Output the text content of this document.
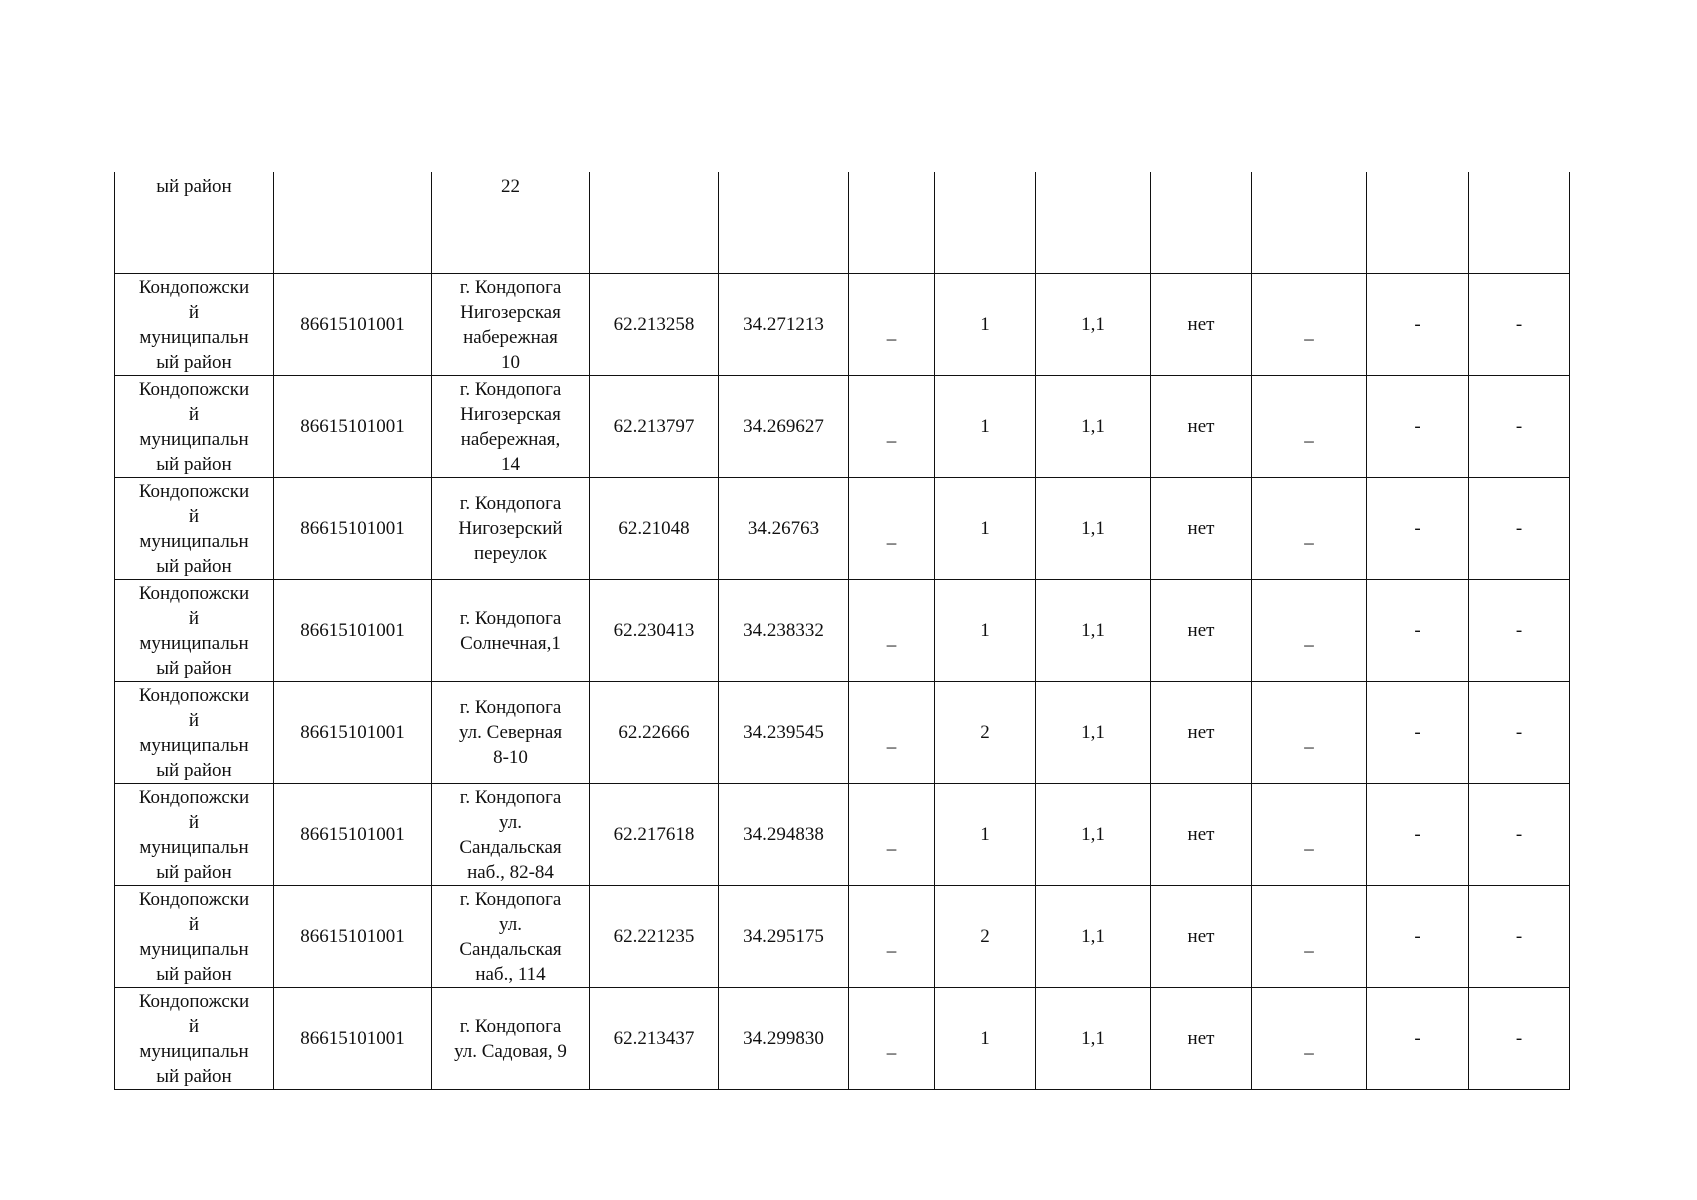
ый район		22									
Кондопожски
й
муниципальн
ый район	86615101001	г. Кондопога
Нигозерская
набережная
10	62.213258	34.271213	_	1	1,1	нет	_	-	-
Кондопожски
й
муниципальн
ый район	86615101001	г. Кондопога
Нигозерская
набережная,
14	62.213797	34.269627	_	1	1,1	нет	_	-	-
Кондопожски
й
муниципальн
ый район	86615101001	г. Кондопога
Нигозерский
переулок	62.21048	34.26763	_	1	1,1	нет	_	-	-
Кондопожски
й
муниципальн
ый район	86615101001	г. Кондопога
Солнечная,1	62.230413	34.238332	_	1	1,1	нет	_	-	-
Кондопожски
й
муниципальн
ый район	86615101001	г. Кондопога
ул. Северная
8-10	62.22666	34.239545	_	2	1,1	нет	_	-	-
Кондопожски
й
муниципальн
ый район	86615101001	г. Кондопога
ул.
Сандальская
наб., 82-84	62.217618	34.294838	_	1	1,1	нет	_	-	-
Кондопожски
й
муниципальн
ый район	86615101001	г. Кондопога
ул.
Сандальская
наб., 114	62.221235	34.295175	_	2	1,1	нет	_	-	-
Кондопожски
й
муниципальн
ый район	86615101001	г. Кондопога
ул. Садовая, 9	62.213437	34.299830	_	1	1,1	нет	_	-	-
